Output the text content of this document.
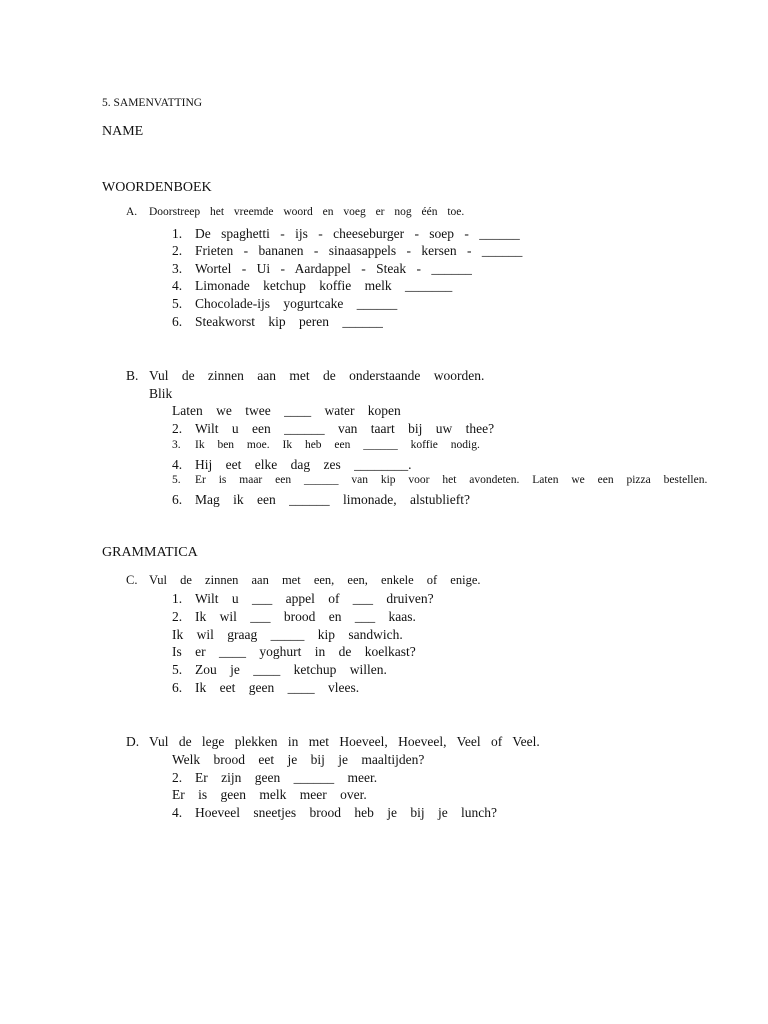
5. SAMENVATTING
NAME
WOORDENBOEK
A. Doorstreep het vreemde woord en voeg er nog één toe.
1. De spaghetti - ijs - cheeseburger - soep - ______
2. Frieten - bananen - sinaasappels - kersen - ______
3. Wortel - Ui - Aardappel - Steak - ______
4. Limonade ketchup koffie melk _______
5. Chocolade-ijs yogurtcake ______
6. Steakworst kip peren ______
B. Vul de zinnen aan met de onderstaande woorden.
Blik
Laten we twee ____ water kopen
2. Wilt u een ______ van taart bij uw thee?
3. Ik ben moe. Ik heb een ______ koffie nodig.
4. Hij eet elke dag zes ________.
5. Er is maar een ______ van kip voor het avondeten. Laten we een pizza bestellen.
6. Mag ik een ______ limonade, alstublieft?
GRAMMATICA
C. Vul de zinnen aan met een, een, enkele of enige.
1. Wilt u ___ appel of ___ druiven?
2. Ik wil ___ brood en ___ kaas.
Ik wil graag _____ kip sandwich.
Is er ____ yoghurt in de koelkast?
5. Zou je ____ ketchup willen.
6. Ik eet geen ____ vlees.
D. Vul de lege plekken in met Hoeveel, Hoeveel, Veel of Veel.
Welk brood eet je bij je maaltijden?
2. Er zijn geen ______ meer.
Er is geen melk meer over.
4. Hoeveel sneetjes brood heb je bij je lunch?
